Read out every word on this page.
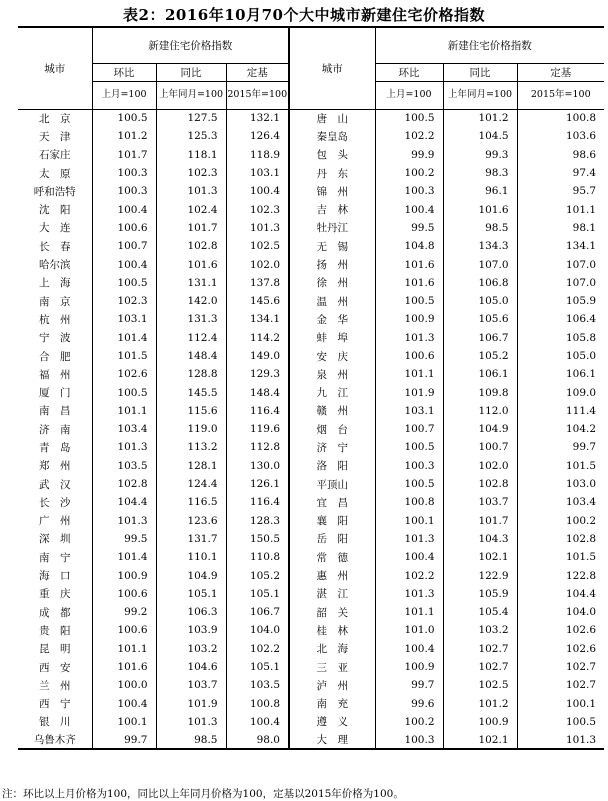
表2：2016年10月70个大中城市新建住宅价格指数
城市	新建住宅价格指数			城市	新建住宅价格指数		
	环比	同比	定基		环比	同比	定基
	上月=100	上年同月=100	2015年=100		上月=100	上年同月=100	2015年=100
北　京	100.5	127.5	132.1	唐　山	100.5	101.2	100.8
天　津	101.2	125.3	126.4	秦皇岛	102.2	104.5	103.6
石家庄	101.7	118.1	118.9	包　头	99.9	99.3	98.6
太　原	100.3	102.3	103.1	丹　东	100.2	98.3	97.4
呼和浩特	100.3	101.3	100.4	锦　州	100.3	96.1	95.7
沈　阳	100.4	102.4	102.3	吉　林	100.4	101.6	101.1
大　连	100.6	101.7	101.3	牡丹江	99.5	98.5	98.1
长　春	100.7	102.8	102.5	无　锡	104.8	134.3	134.1
哈尔滨	100.4	101.6	102.0	扬　州	101.6	107.0	107.0
上　海	100.5	131.1	137.8	徐　州	101.6	106.8	107.0
南　京	102.3	142.0	145.6	温　州	100.5	105.0	105.9
杭　州	103.1	131.3	134.1	金　华	100.9	105.6	106.4
宁　波	101.4	112.4	114.2	蚌　埠	101.3	106.7	105.8
合　肥	101.5	148.4	149.0	安　庆	100.6	105.2	105.0
福　州	102.6	128.8	129.3	泉　州	101.1	106.1	106.1
厦　门	100.5	145.5	148.4	九　江	101.9	109.8	109.0
南　昌	101.1	115.6	116.4	赣　州	103.1	112.0	111.4
济　南	103.4	119.0	119.6	烟　台	100.7	104.9	104.2
青　岛	101.3	113.2	112.8	济　宁	100.5	100.7	99.7
郑　州	103.5	128.1	130.0	洛　阳	100.3	102.0	101.5
武　汉	102.8	124.4	126.1	平顶山	100.5	102.8	103.0
长　沙	104.4	116.5	116.4	宜　昌	100.8	103.7	103.4
广　州	101.3	123.6	128.3	襄　阳	100.1	101.7	100.2
深　圳	99.5	131.7	150.5	岳　阳	101.3	104.3	102.8
南　宁	101.4	110.1	110.8	常　德	100.4	102.1	101.5
海　口	100.9	104.9	105.2	惠　州	102.2	122.9	122.8
重　庆	100.6	105.1	105.1	湛　江	101.3	105.9	104.4
成　都	99.2	106.3	106.7	韶　关	101.1	105.4	104.0
贵　阳	100.6	103.9	104.0	桂　林	101.0	103.2	102.6
昆　明	101.1	103.2	102.2	北　海	100.4	102.7	102.6
西　安	101.6	104.6	105.1	三　亚	100.9	102.7	102.7
兰　州	100.0	103.7	103.5	泸　州	99.7	102.5	102.7
西　宁	100.4	101.9	100.8	南　充	99.6	101.2	100.1
银　川	100.1	101.3	100.4	遵　义	100.2	100.9	100.5
乌鲁木齐	99.7	98.5	98.0	大　理	100.3	102.1	101.3
注：环比以上月价格为100，同比以上年同月价格为100，定基以2015年价格为100。
